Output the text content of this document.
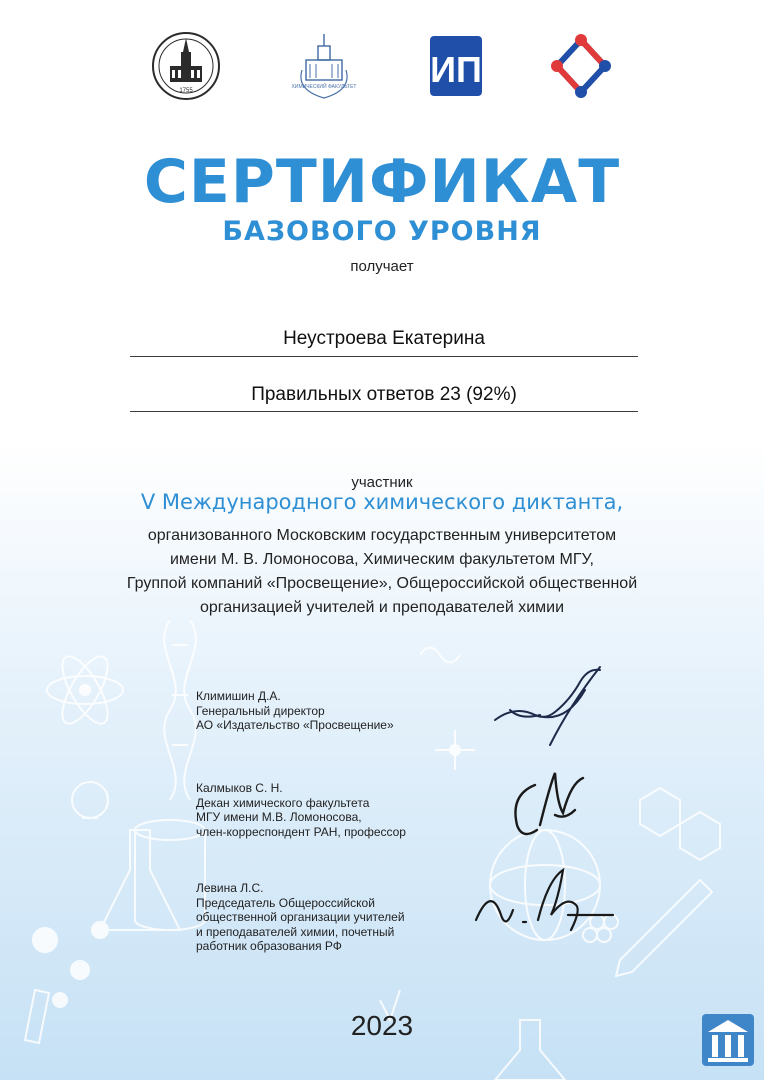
1755
ХИМИЧЕСКИЙ ФАКУЛЬТЕТ ИП
СЕРТИФИКАТ
БАЗОВОГО УРОВНЯ
получает
Неустроева Екатерина
Правильных ответов 23 (92%)
участник
V Международного химического диктанта,
организованного Московским государственным университетом
имени М. В. Ломоносова, Химическим факультетом МГУ,
Группой компаний «Просвещение», Общероссийской общественной
организацией учителей и преподавателей химии
Климишин Д.А.
Генеральный директор
АО «Издательство «Просвещение»
Калмыков С. Н.
Декан химического факультета
МГУ имени М.В. Ломоносова,
член-корреспондент РАН, профессор
Левина Л.С.
Председатель Общероссийской
общественной организации учителей
и преподавателей химии, почетный
работник образования РФ
2023
